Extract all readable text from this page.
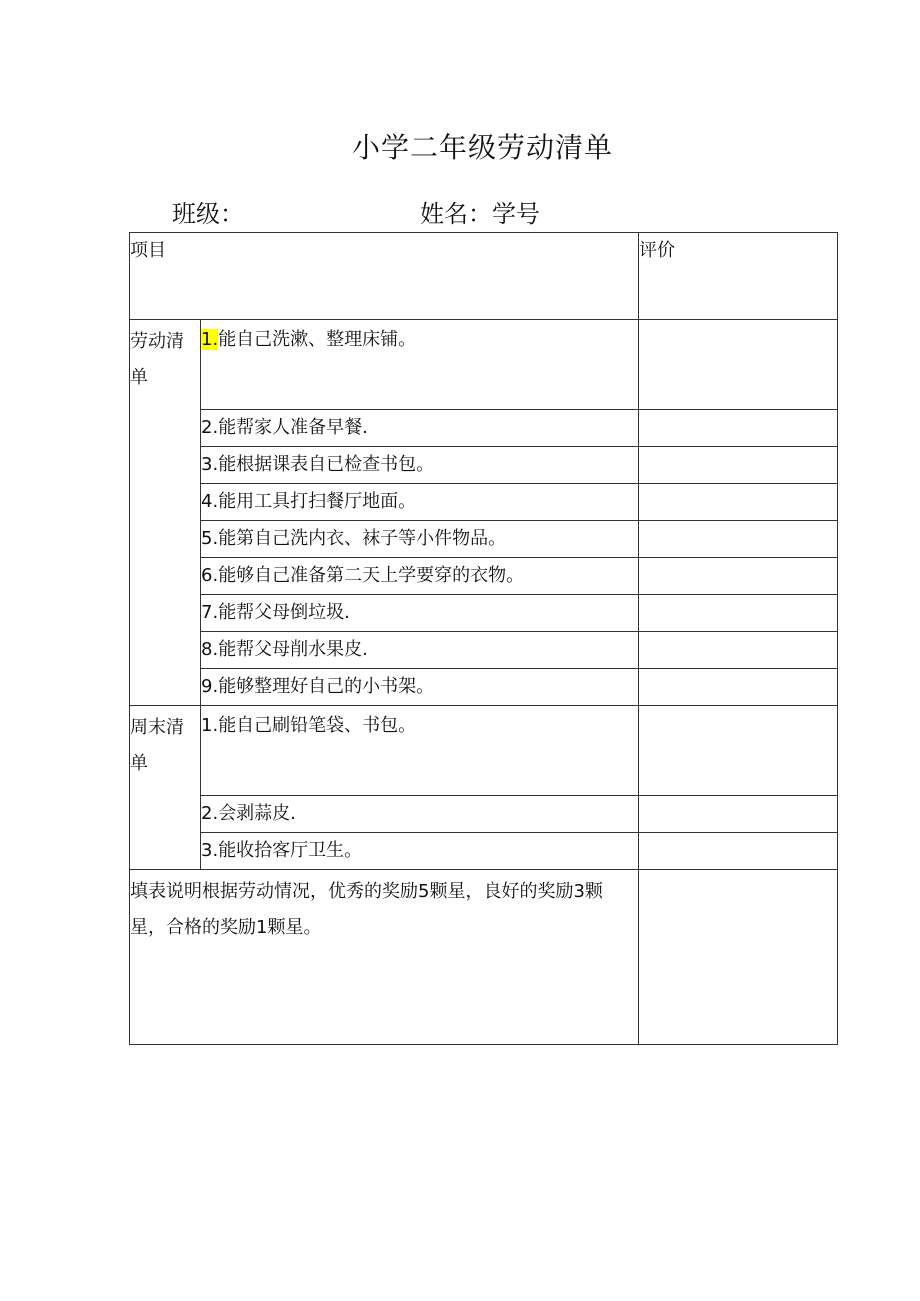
小学二年级劳动清单
班级：	姓名：学号
项目		评价

劳动清单	1.能自己洗漱、整理床铺。	
	2.能帮家人准备早餐.	
	3.能根据课表自已检查书包。	
	4.能用工具打扫餐厅地面。	
	5.能第自己洗内衣、袜子等小件物品。	
	6.能够自己准备第二天上学要穿的衣物。	
	7.能帮父母倒垃圾.	
	8.能帮父母削水果皮.	
	9.能够整理好自己的小书架。	

周末清单	1.能自己刷铅笔袋、书包。	
	2.会剥蒜皮.	
	3.能收拾客厅卫生。	

填表说明根据劳动情况，优秀的奖励5颗星，良好的奖励3颗星，合格的奖励1颗星。		
